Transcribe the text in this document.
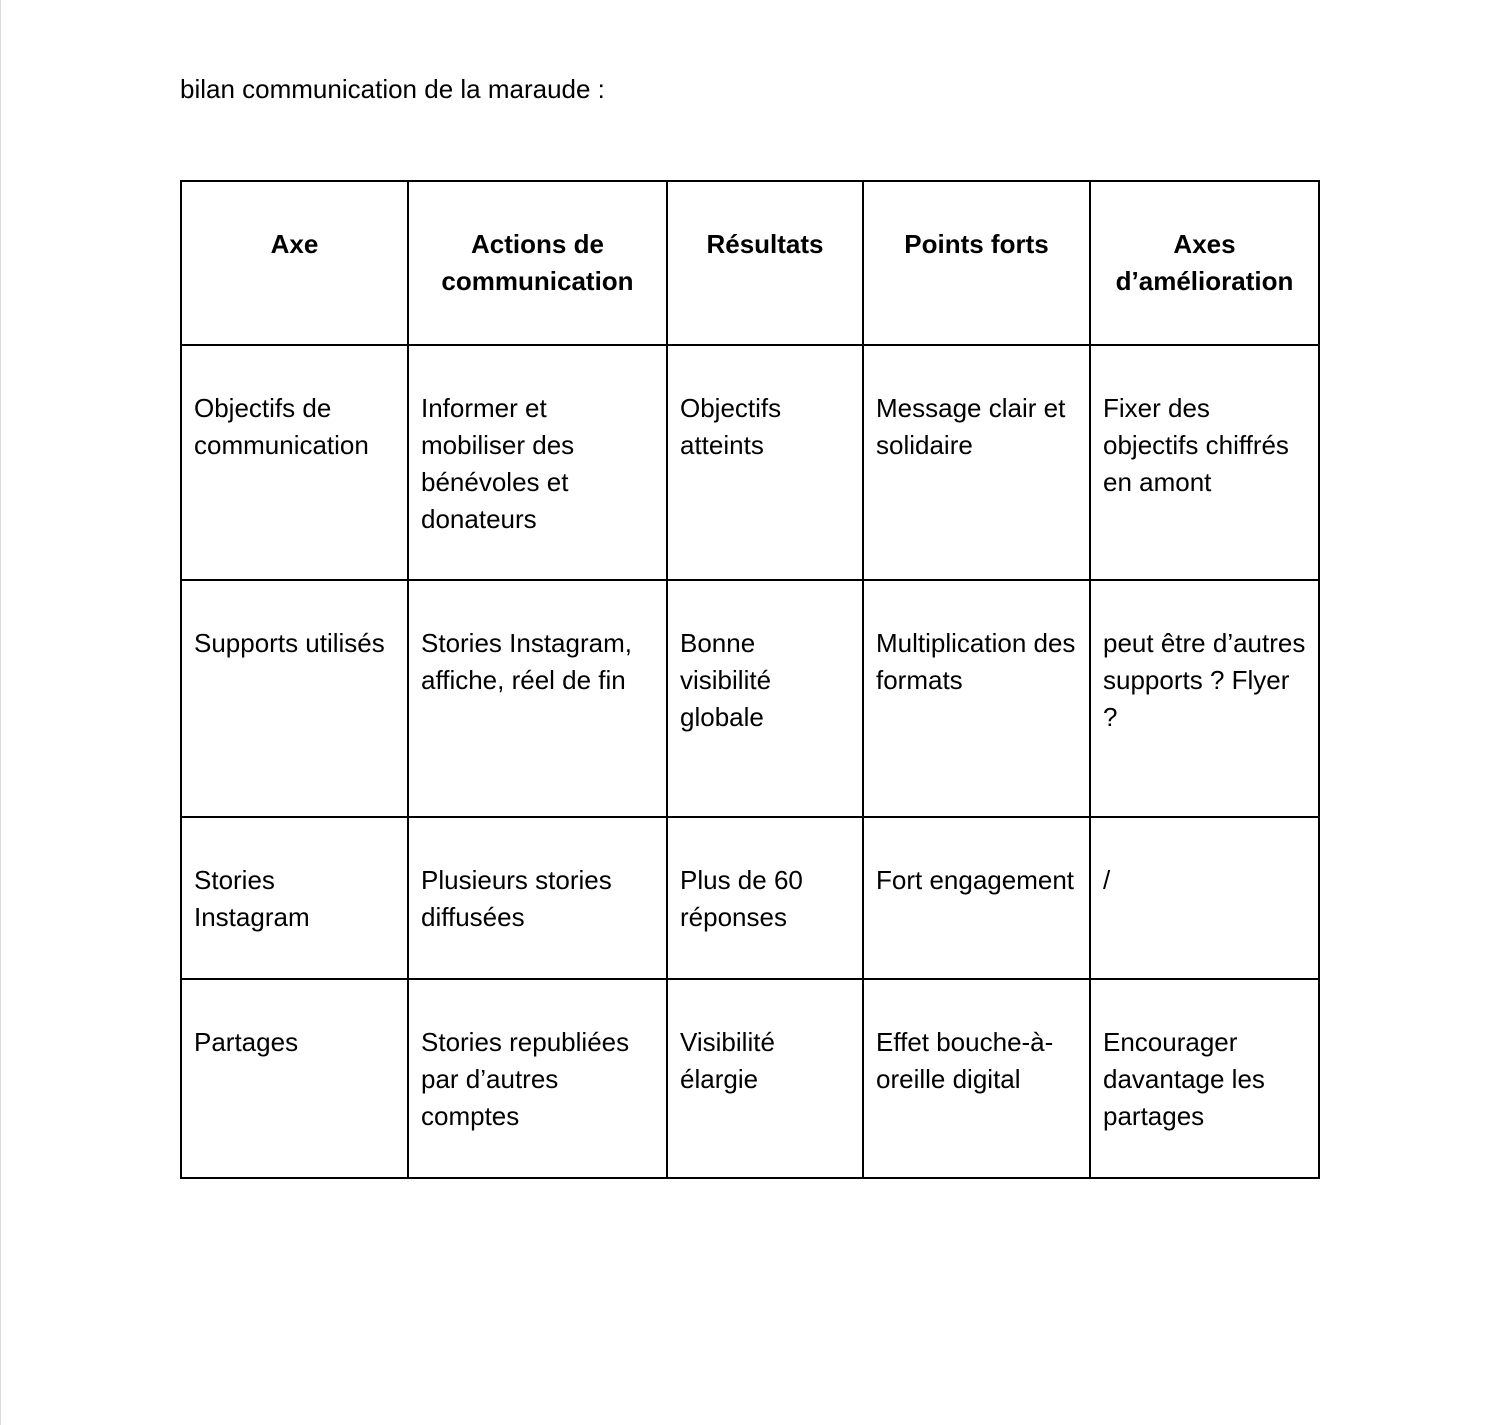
bilan communication de la maraude :
Axe	Actions de communication	Résultats	Points forts	Axes d’amélioration
Objectifs de communication	Informer et mobiliser des bénévoles et donateurs	Objectifs atteints	Message clair et solidaire	Fixer des objectifs chiffrés en amont
Supports utilisés	Stories Instagram, affiche, réel de fin	Bonne visibilité globale	Multiplication des formats	peut être d’autres supports ? Flyer ?
Stories Instagram	Plusieurs stories diffusées	Plus de 60 réponses	Fort engagement	/
Partages	Stories republiées par d’autres comptes	Visibilité élargie	Effet bouche-à-oreille digital	Encourager davantage les partages
